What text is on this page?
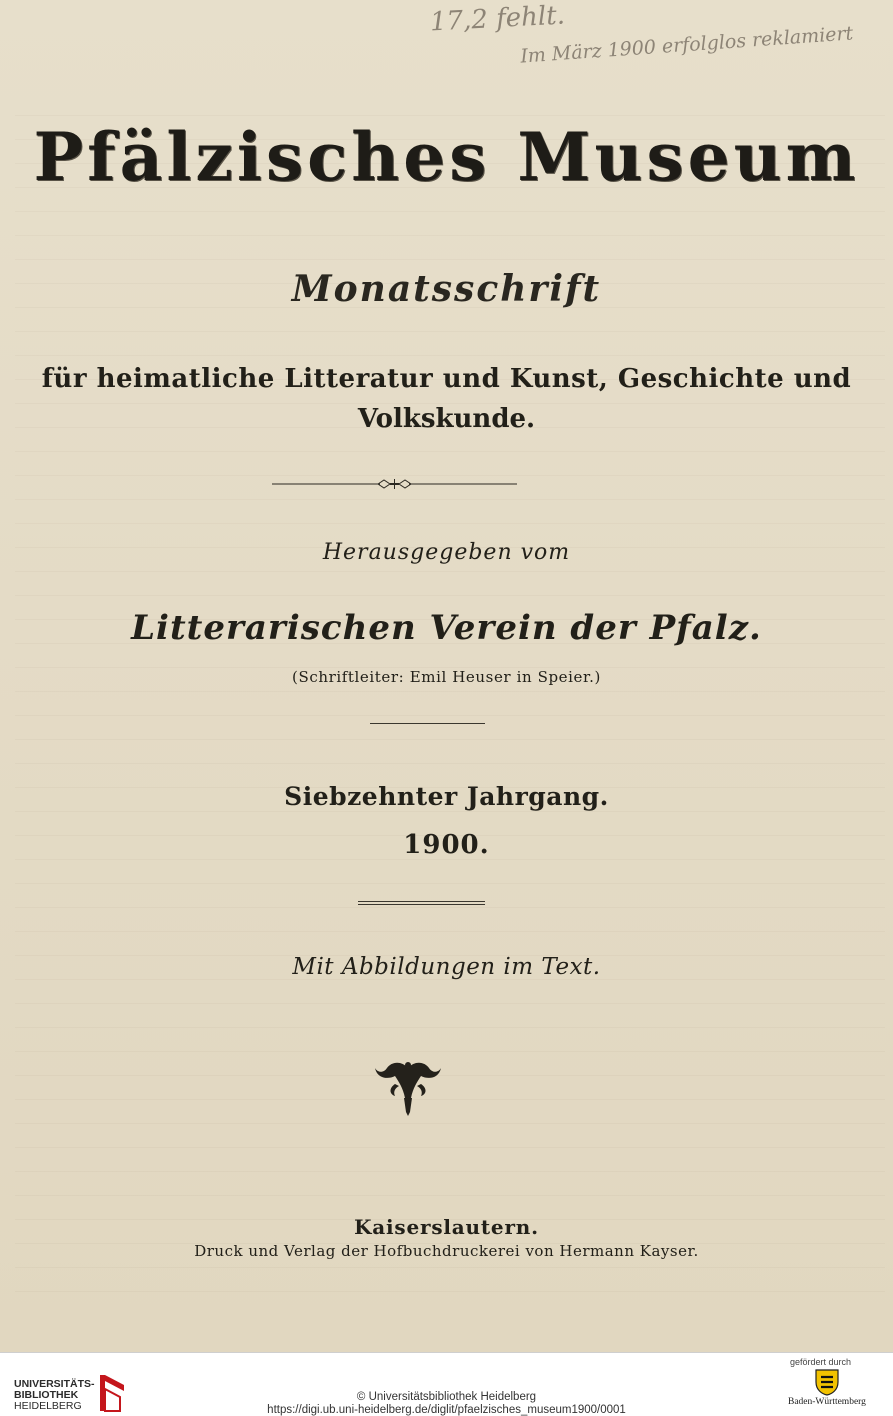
17,2 fehlt.
Im März 1900 erfolglos reklamiert
Pfälzisches Museum
Monatsschrift
für heimatliche Litteratur und Kunst, Geschichte und
Volkskunde.
Herausgegeben vom
Litterarischen Verein der Pfalz.
(Schriftleiter: Emil Heuser in Speier.)
Siebzehnter Jahrgang.
1900.
Mit Abbildungen im Text.
Kaiserslautern.
Druck und Verlag der Hofbuchdruckerei von Hermann Kayser.
UNIVERSITÄTS-
BIBLIOTHEK
HEIDELBERG
© Universitätsbibliothek Heidelberg
https://digi.ub.uni-heidelberg.de/diglit/pfaelzisches_museum1900/0001
gefördert durch
Baden-Württemberg
